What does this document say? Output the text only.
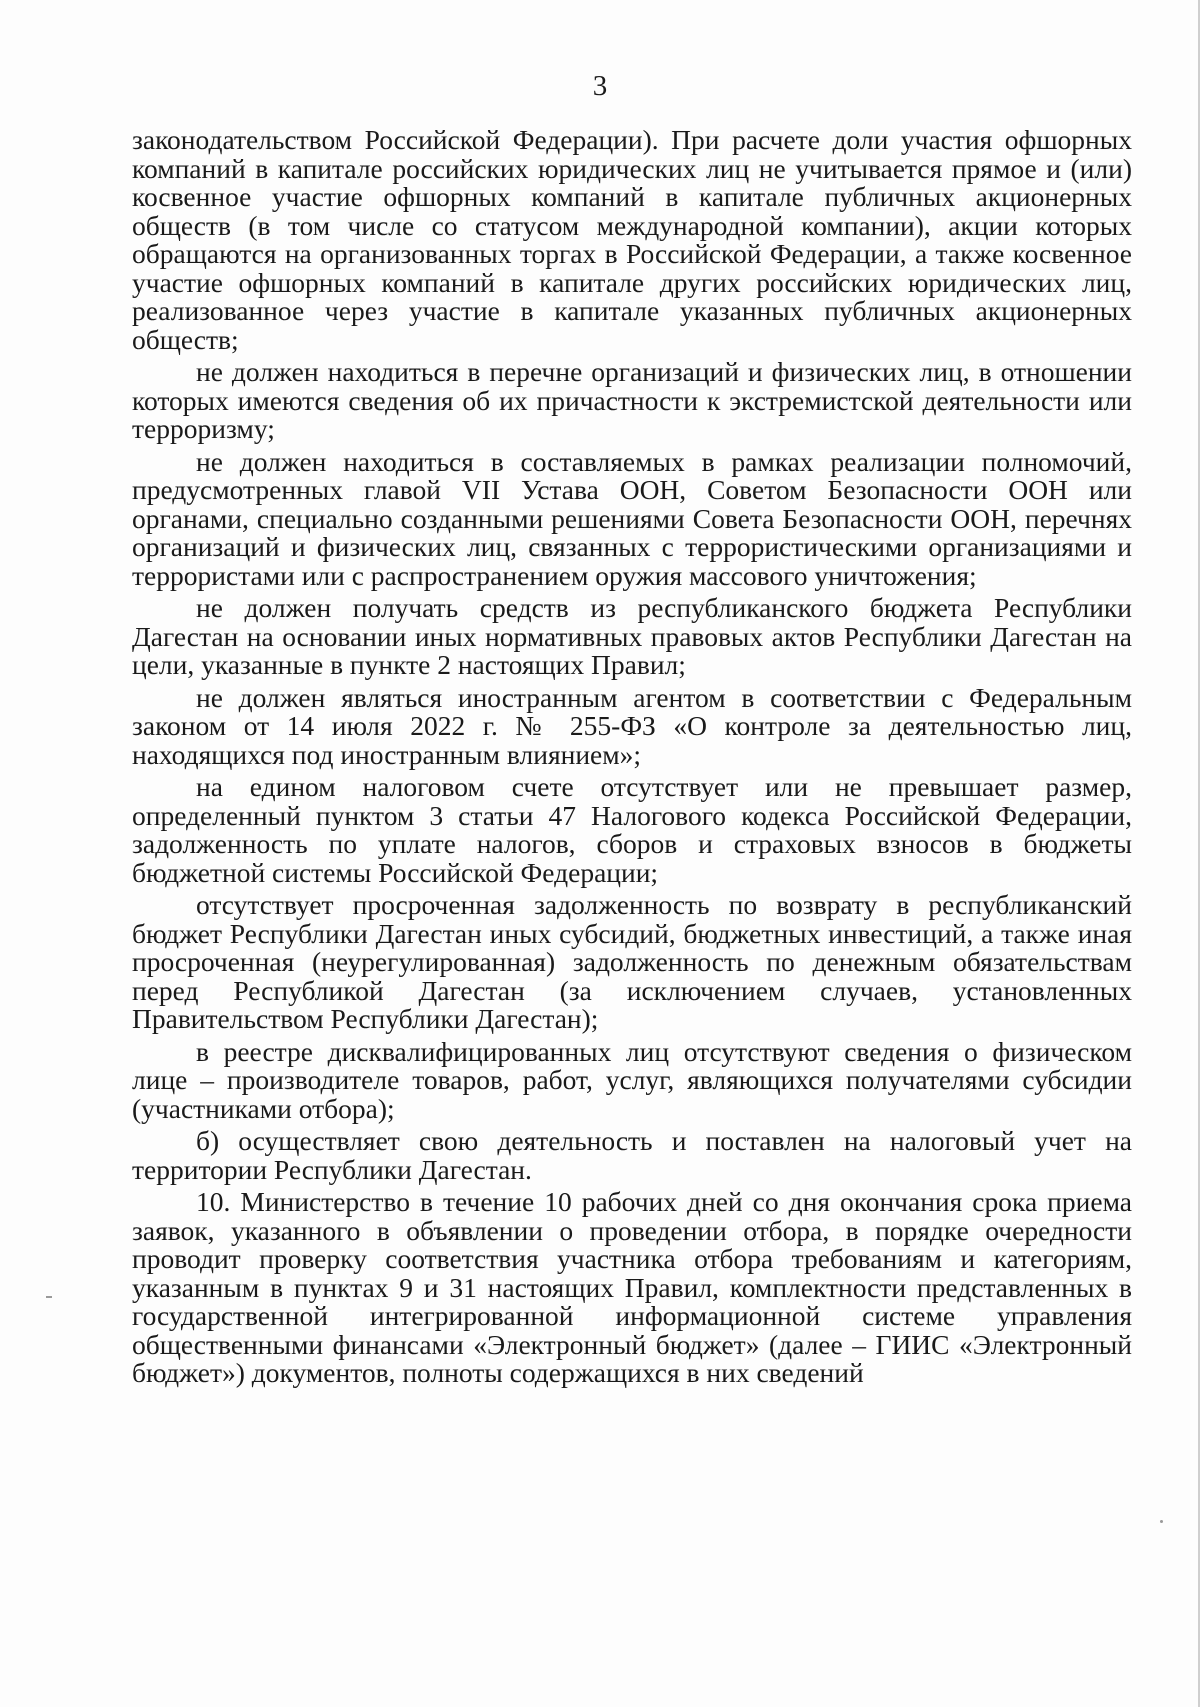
3

законодательством Российской Федерации). При расчете доли участия офшорных компаний в капитале российских юридических лиц не учитывается прямое и (или) косвенное участие офшорных компаний в капитале публичных акционерных обществ (в том числе со статусом международной компании), акции которых обращаются на организованных торгах в Российской Федерации, а также косвенное участие офшорных компаний в капитале других российских юридических лиц, реализованное через участие в капитале указанных публичных акционерных обществ;

не должен находиться в перечне организаций и физических лиц, в отношении которых имеются сведения об их причастности к экстремистской деятельности или терроризму;

не должен находиться в составляемых в рамках реализации полномочий, предусмотренных главой VII Устава ООН, Советом Безопасности ООН или органами, специально созданными решениями Совета Безопасности ООН, перечнях организаций и физических лиц, связанных с террористическими организациями и террористами или с распространением оружия массового уничтожения;

не должен получать средств из республиканского бюджета Республики Дагестан на основании иных нормативных правовых актов Республики Дагестан на цели, указанные в пункте 2 настоящих Правил;

не должен являться иностранным агентом в соответствии с Федеральным законом от 14 июля 2022 г. № 255-ФЗ «О контроле за деятельностью лиц, находящихся под иностранным влиянием»;

на едином налоговом счете отсутствует или не превышает размер, определенный пунктом 3 статьи 47 Налогового кодекса Российской Федерации, задолженность по уплате налогов, сборов и страховых взносов в бюджеты бюджетной системы Российской Федерации;

отсутствует просроченная задолженность по возврату в республиканский бюджет Республики Дагестан иных субсидий, бюджетных инвестиций, а также иная просроченная (неурегулированная) задолженность по денежным обязательствам перед Республикой Дагестан (за исключением случаев, установленных Правительством Республики Дагестан);

в реестре дисквалифицированных лиц отсутствуют сведения о физическом лице – производителе товаров, работ, услуг, являющихся получателями субсидии (участниками отбора);

б) осуществляет свою деятельность и поставлен на налоговый учет на территории Республики Дагестан.

10. Министерство в течение 10 рабочих дней со дня окончания срока приема заявок, указанного в объявлении о проведении отбора, в порядке очередности проводит проверку соответствия участника отбора требованиям и категориям, указанным в пунктах 9 и 31 настоящих Правил, комплектности представленных в государственной интегрированной информационной системе управления общественными финансами «Электронный бюджет» (далее – ГИИС «Электронный бюджет») документов, полноты содержащихся в них сведений
